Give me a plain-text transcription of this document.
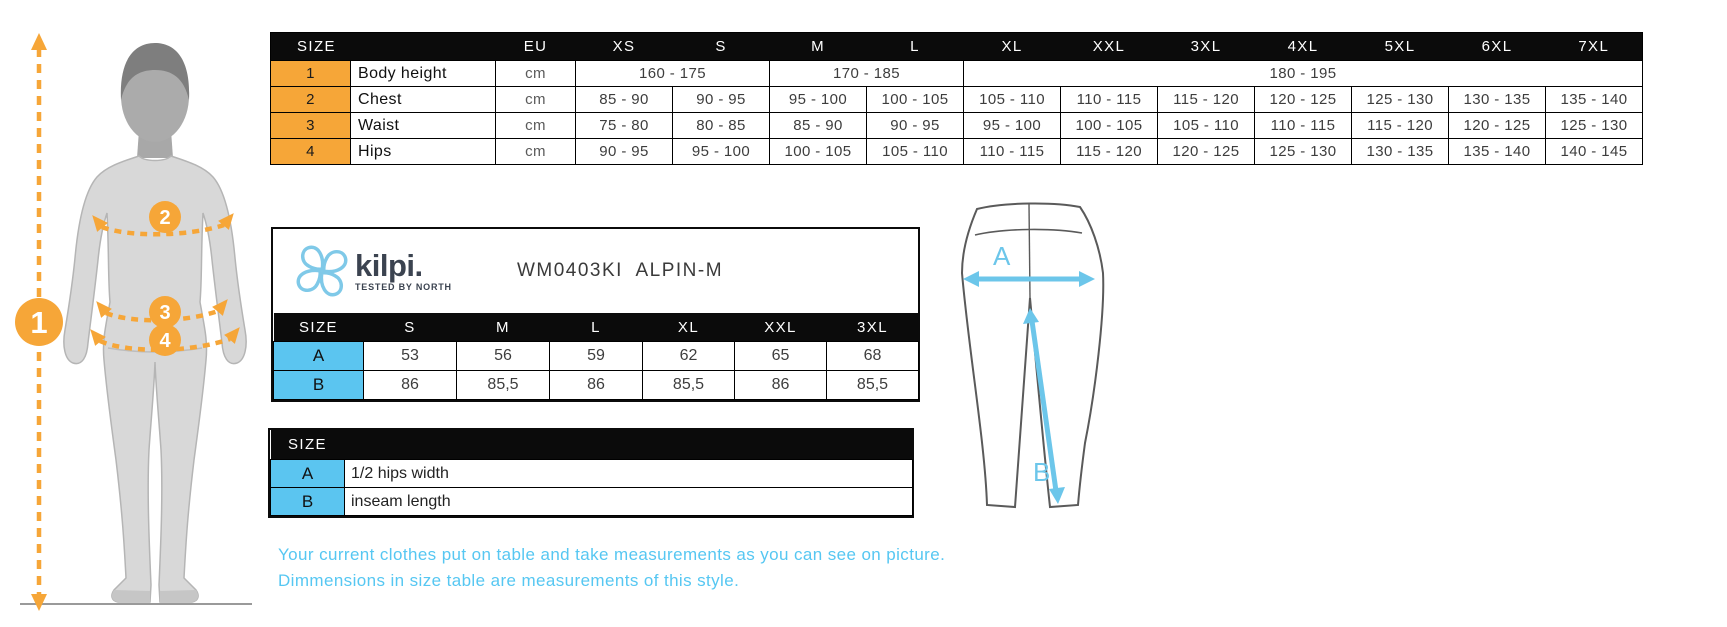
1
2
3
4
SIZE		EU	XS	S	M	L	XL	XXL	3XL	4XL	5XL	6XL	7XL
1	Body height	cm	160 - 175		170 - 185		180 - 195						
2	Chest	cm	85 - 90	90 - 95	95 - 100	100 - 105	105 - 110	110 - 115	115 - 120	120 - 125	125 - 130	130 - 135	135 - 140
3	Waist	cm	75 - 80	80 - 85	85 - 90	90 - 95	95 - 100	100 - 105	105 - 110	110 - 115	115 - 120	120 - 125	125 - 130
4	Hips	cm	90 - 95	95 - 100	100 - 105	105 - 110	110 - 115	115 - 120	120 - 125	125 - 130	130 - 135	135 - 140	140 - 145
kilpi.
TESTED BY NORTH
WM0403KI  ALPIN-M
SIZE	S	M	L	XL	XXL	3XL
A	53	56	59	62	65	68
B	86	85,5	86	85,5	86	85,5
SIZE	
A	1/2 hips width
B	inseam length
A
B
Your current clothes put on table and take measurements as you can see on picture.
Dimmensions in size table are measurements of this style.
